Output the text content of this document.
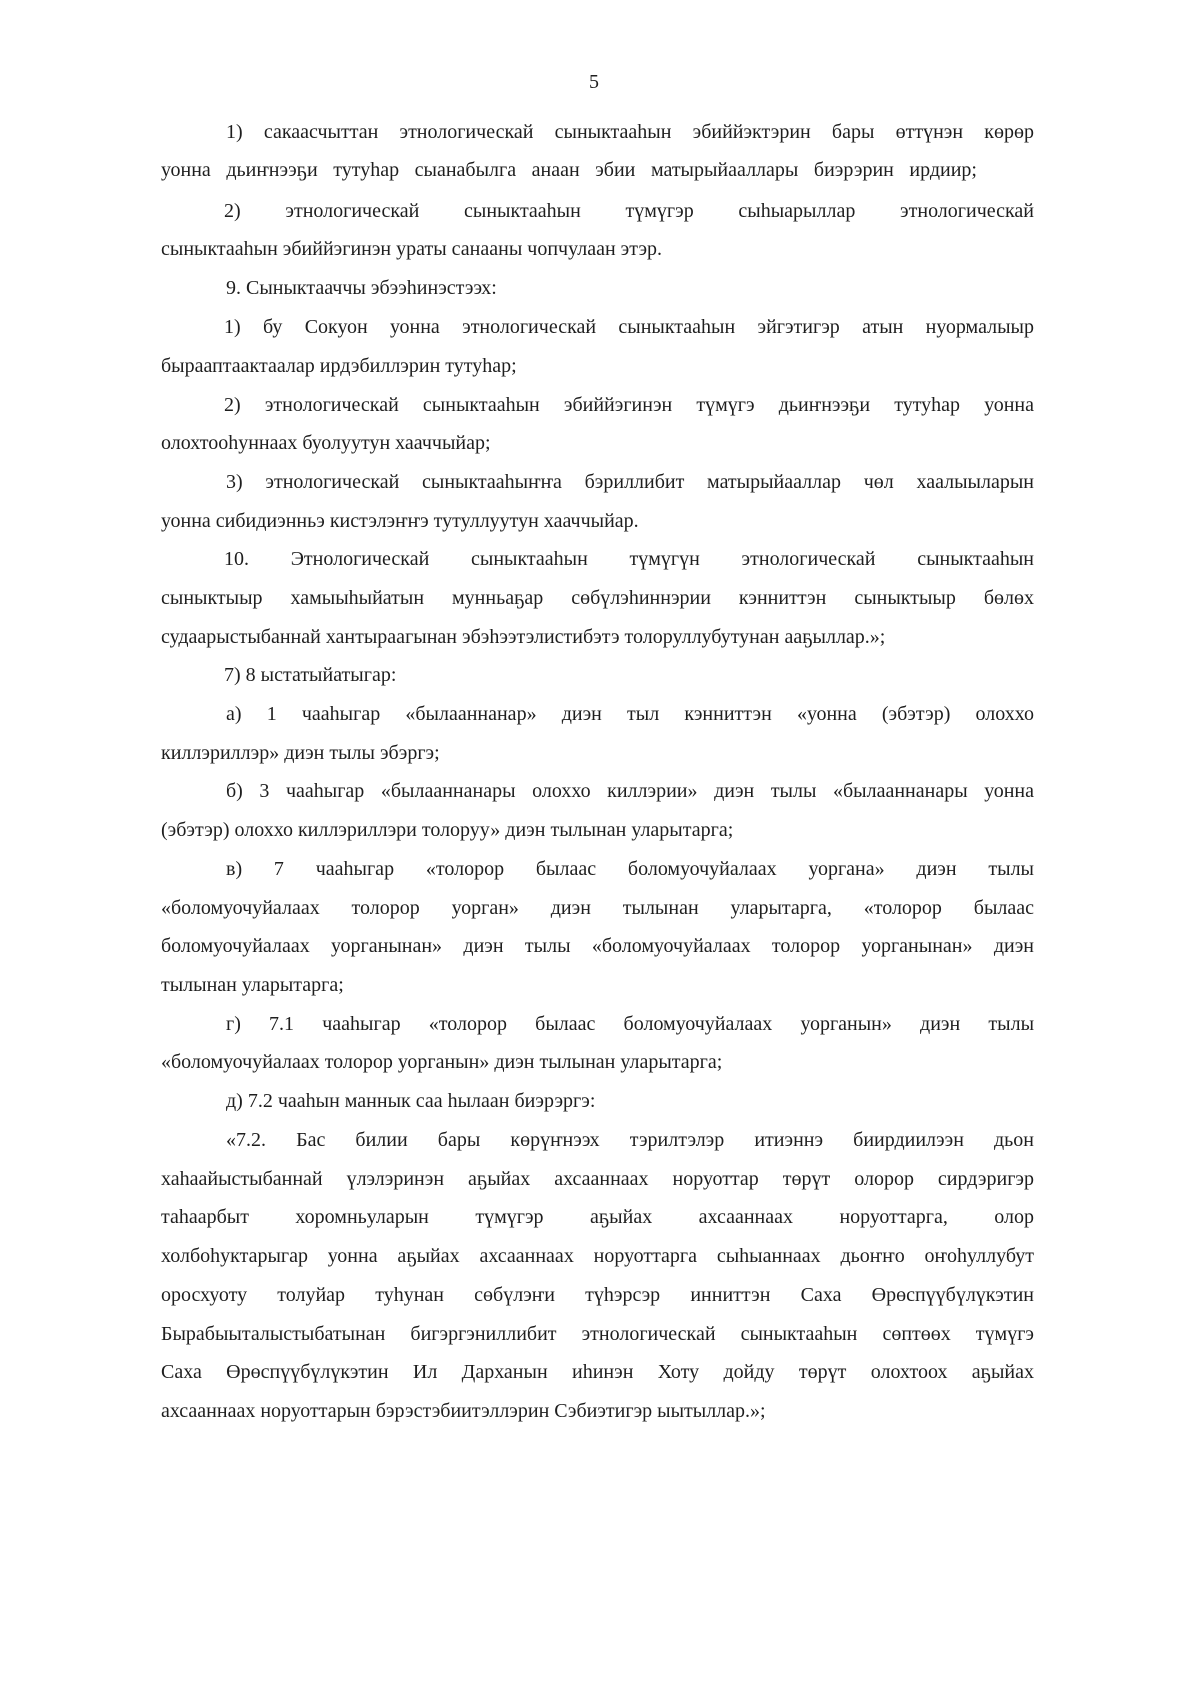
5
1) сакаасчыттан этнологическай сыныктааһын эбиййэктэрин бары өттүнэн көрөр
уонна дьиҥнээҕи тутуһар сыанабылга анаан эбии матырыйааллары биэрэрин ирдиир;
2) этнологическай сыныктааһын түмүгэр сыһыарыллар этнологическай
сыныктааһын эбиййэгинэн ураты санааны чопчулаан этэр.
9. Сыныктааччы эбээһинэстээх:
1) бу Сокуон уонна этнологическай сыныктааһын эйгэтигэр атын нуормалыыр
бырааптаактаалар ирдэбиллэрин тутуһар;
2) этнологическай сыныктааһын эбиййэгинэн түмүгэ дьиҥнээҕи тутуһар уонна
олохтооһуннаах буолуутун хааччыйар;
3) этнологическай сыныктааһыҥҥа бэриллибит матырыйааллар чөл хаалыыларын
уонна сибидиэнньэ кистэлэҥҥэ тутуллуутун хааччыйар.
10. Этнологическай сыныктааһын түмүгүн этнологическай сыныктааһын
сыныктыыр хамыыһыйатын мунньаҕар сөбүлэһиннэрии кэнниттэн сыныктыыр бөлөх
судаарыстыбаннай хантыраагынан эбэһээтэлистибэтэ толоруллубутунан ааҕыллар.»;
7) 8 ыстатыйатыгар:
а) 1 чааһыгар «былааннанар» диэн тыл кэнниттэн «уонна (эбэтэр) олоххо
киллэриллэр» диэн тылы эбэргэ;
б) 3 чааһыгар «былааннанары олоххо киллэрии» диэн тылы «былааннанары уонна
(эбэтэр) олоххо киллэриллэри толоруу» диэн тылынан уларытарга;
в) 7 чааһыгар «толорор былаас боломуочуйалаах уоргана» диэн тылы
«боломуочуйалаах толорор уорган» диэн тылынан уларытарга, «толорор былаас
боломуочуйалаах уорганынан» диэн тылы «боломуочуйалаах толорор уорганынан» диэн
тылынан уларытарга;
г) 7.1 чааһыгар «толорор былаас боломуочуйалаах уорганын» диэн тылы
«боломуочуйалаах толорор уорганын» диэн тылынан уларытарга;
д) 7.2 чааһын маннык саа һылаан биэрэргэ:
«7.2. Бас билии бары көрүҥнээх тэрилтэлэр итиэннэ биирдиилээн дьон
хаһаайыстыбаннай үлэлэринэн аҕыйах ахсааннаах норуоттар төрүт олорор сирдэригэр
таһаарбыт хоромньуларын түмүгэр аҕыйах ахсааннаах норуоттарга, олор
холбоһуктарыгар уонна аҕыйах ахсааннаах норуоттарга сыһыаннаах дьоҥҥо оҥоһуллубут
оросхуоту толуйар туһунан сөбүлэҥи түһэрсэр инниттэн Саха Өрөспүүбүлүкэтин
Бырабыыталыстыбатынан бигэргэниллибит этнологическай сыныктааһын сөптөөх түмүгэ
Саха Өрөспүүбүлүкэтин Ил Дарханын иһинэн Хоту дойду төрүт олохтоох аҕыйах
ахсааннаах норуоттарын бэрэстэбиитэллэрин Сэбиэтигэр ыытыллар.»;
